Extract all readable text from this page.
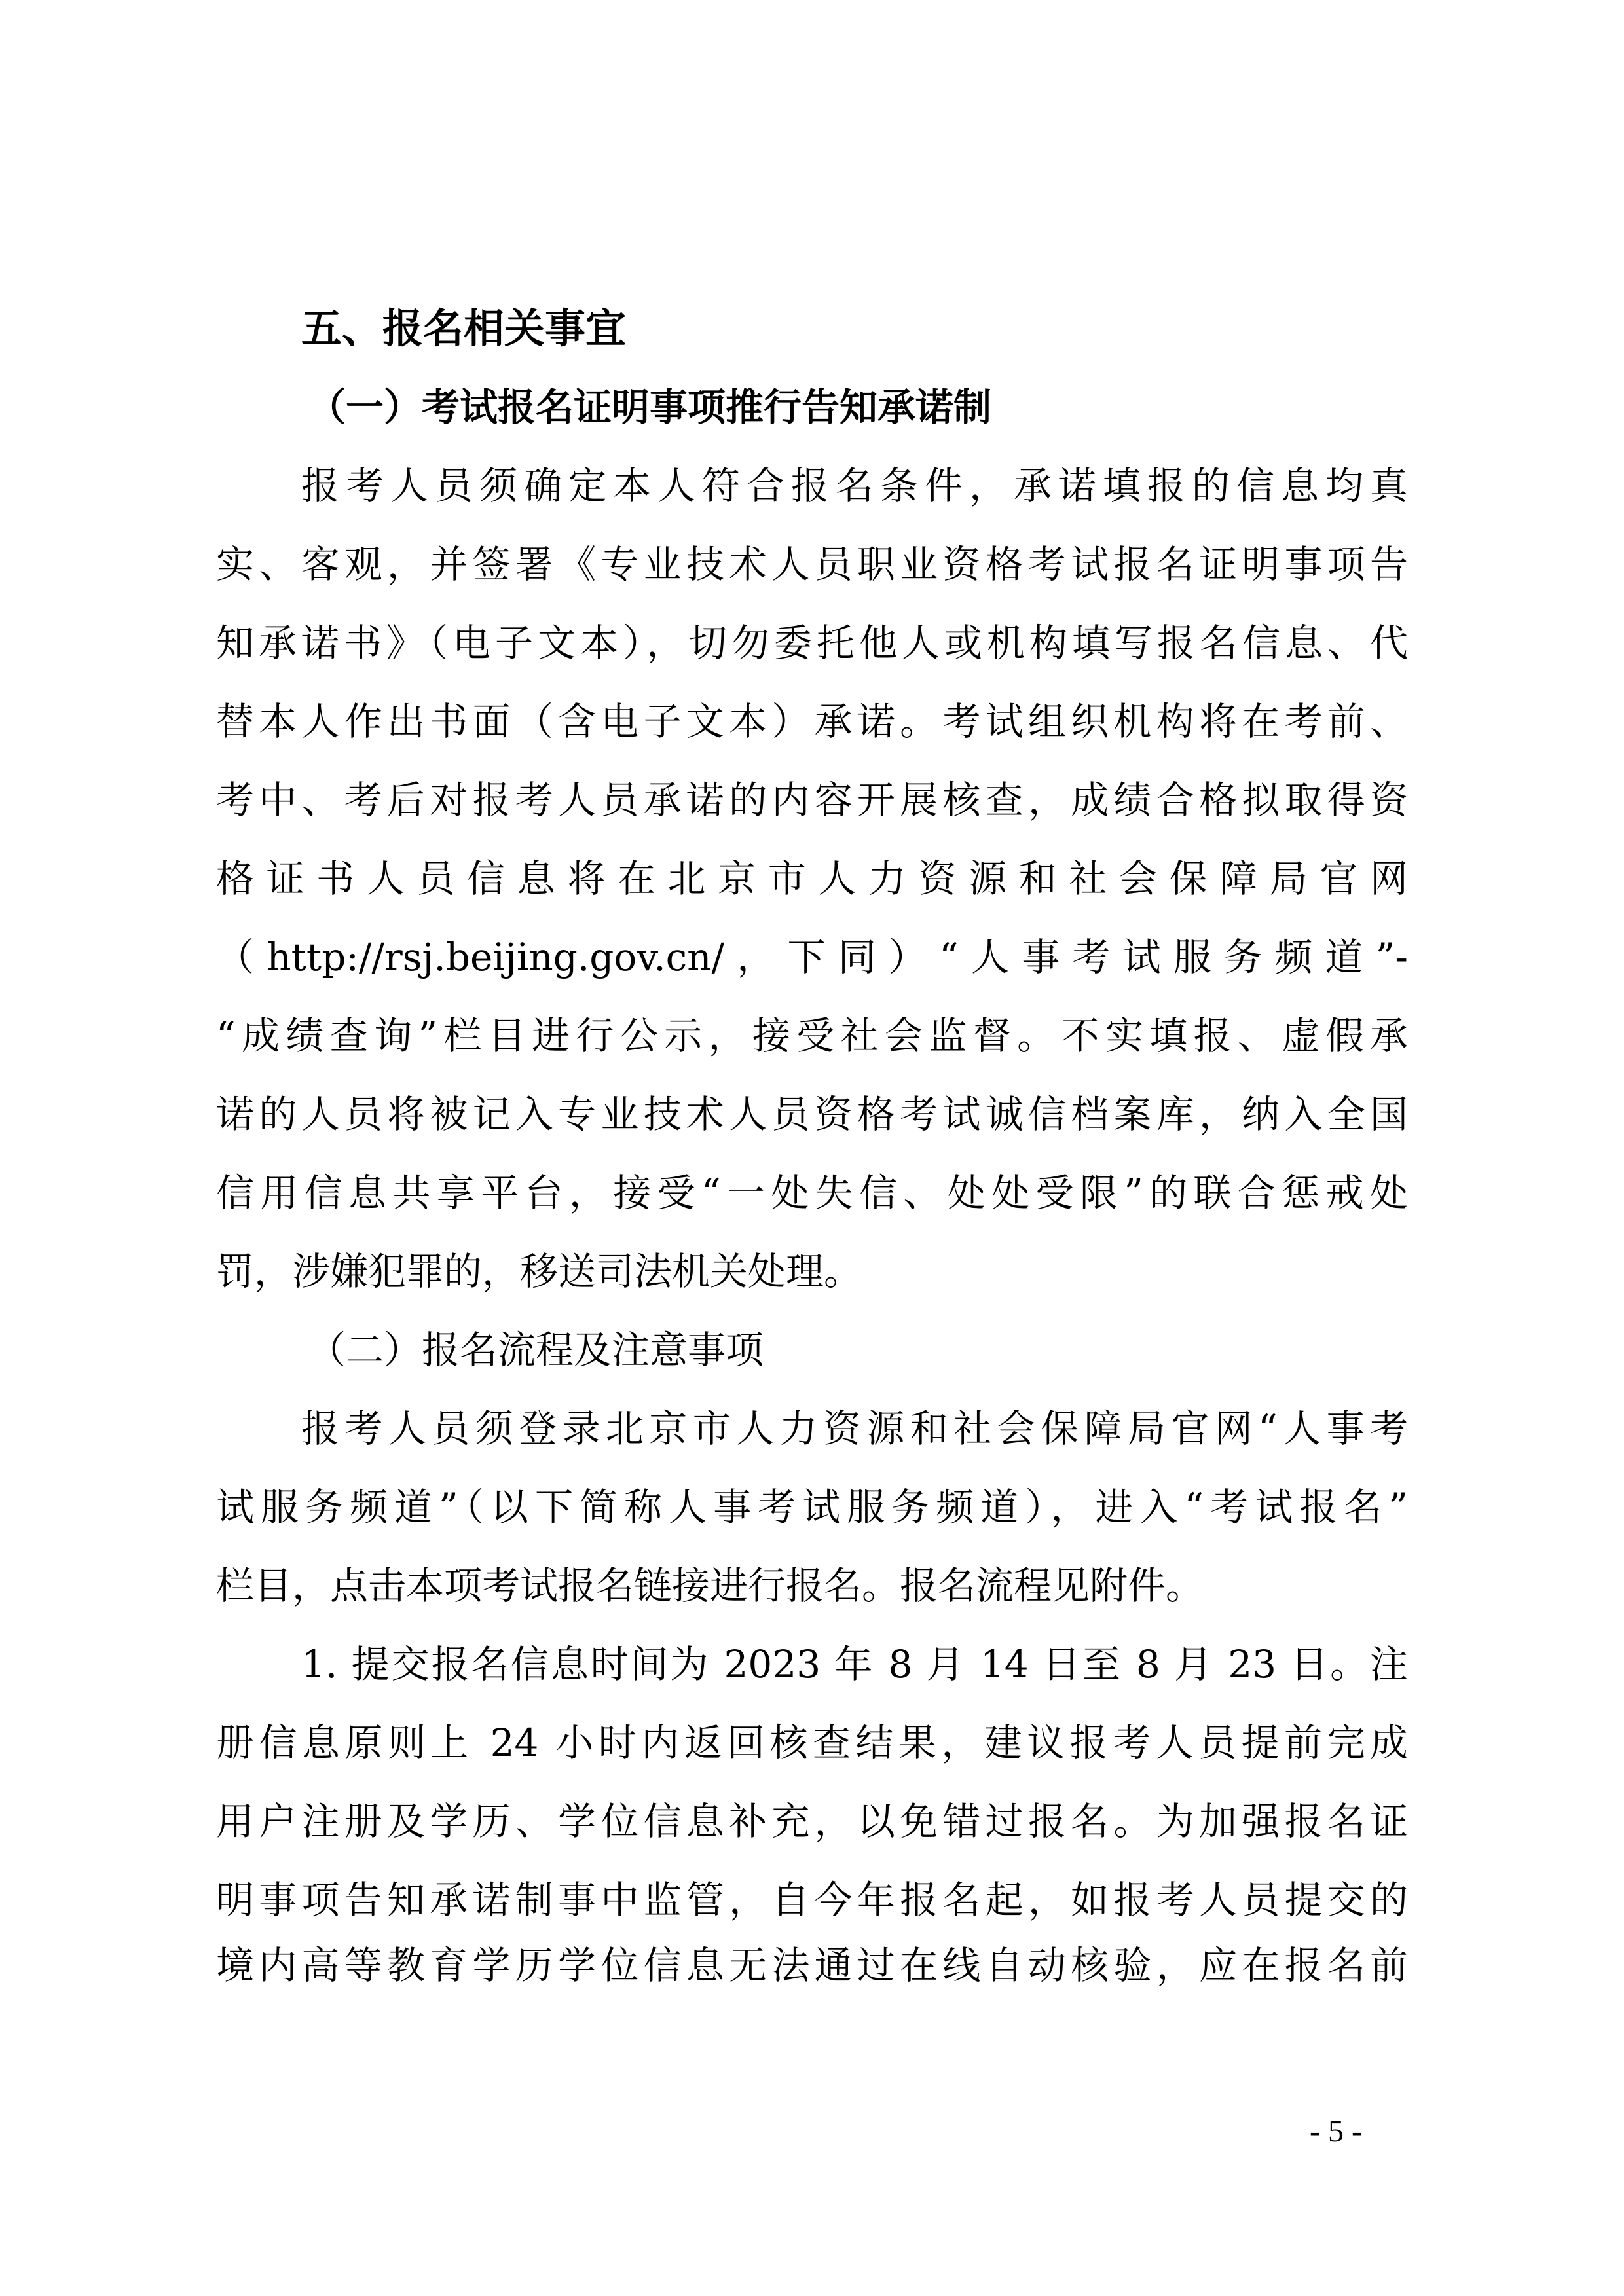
五、报名相关事宜
（一）考试报名证明事项推行告知承诺制
报考人员须确定本人符合报名条件，承诺填报的信息均真
实、客观，并签署《专业技术人员职业资格考试报名证明事项告
知承诺书》（电子文本），切勿委托他人或机构填写报名信息、代
替本人作出书面（含电子文本）承诺。考试组织机构将在考前、
考中、考后对报考人员承诺的内容开展核查，成绩合格拟取得资
格证书人员信息将在北京市人力资源和社会保障局官网
（http://rsj.beijing.gov.cn/，下同）“人事考试服务频道”-
“成绩查询”栏目进行公示，接受社会监督。不实填报、虚假承
诺的人员将被记入专业技术人员资格考试诚信档案库，纳入全国
信用信息共享平台，接受“一处失信、处处受限”的联合惩戒处
罚，涉嫌犯罪的，移送司法机关处理。
（二）报名流程及注意事项
报考人员须登录北京市人力资源和社会保障局官网“人事考
试服务频道”（以下简称人事考试服务频道），进入“考试报名”
栏目，点击本项考试报名链接进行报名。报名流程见附件。
1. 提交报名信息时间为 2023 年 8 月 14 日至 8 月 23 日。注
册信息原则上 24 小时内返回核查结果，建议报考人员提前完成
用户注册及学历、学位信息补充，以免错过报名。为加强报名证
明事项告知承诺制事中监管，自今年报名起，如报考人员提交的
境内高等教育学历学位信息无法通过在线自动核验，应在报名前
- 5 -
